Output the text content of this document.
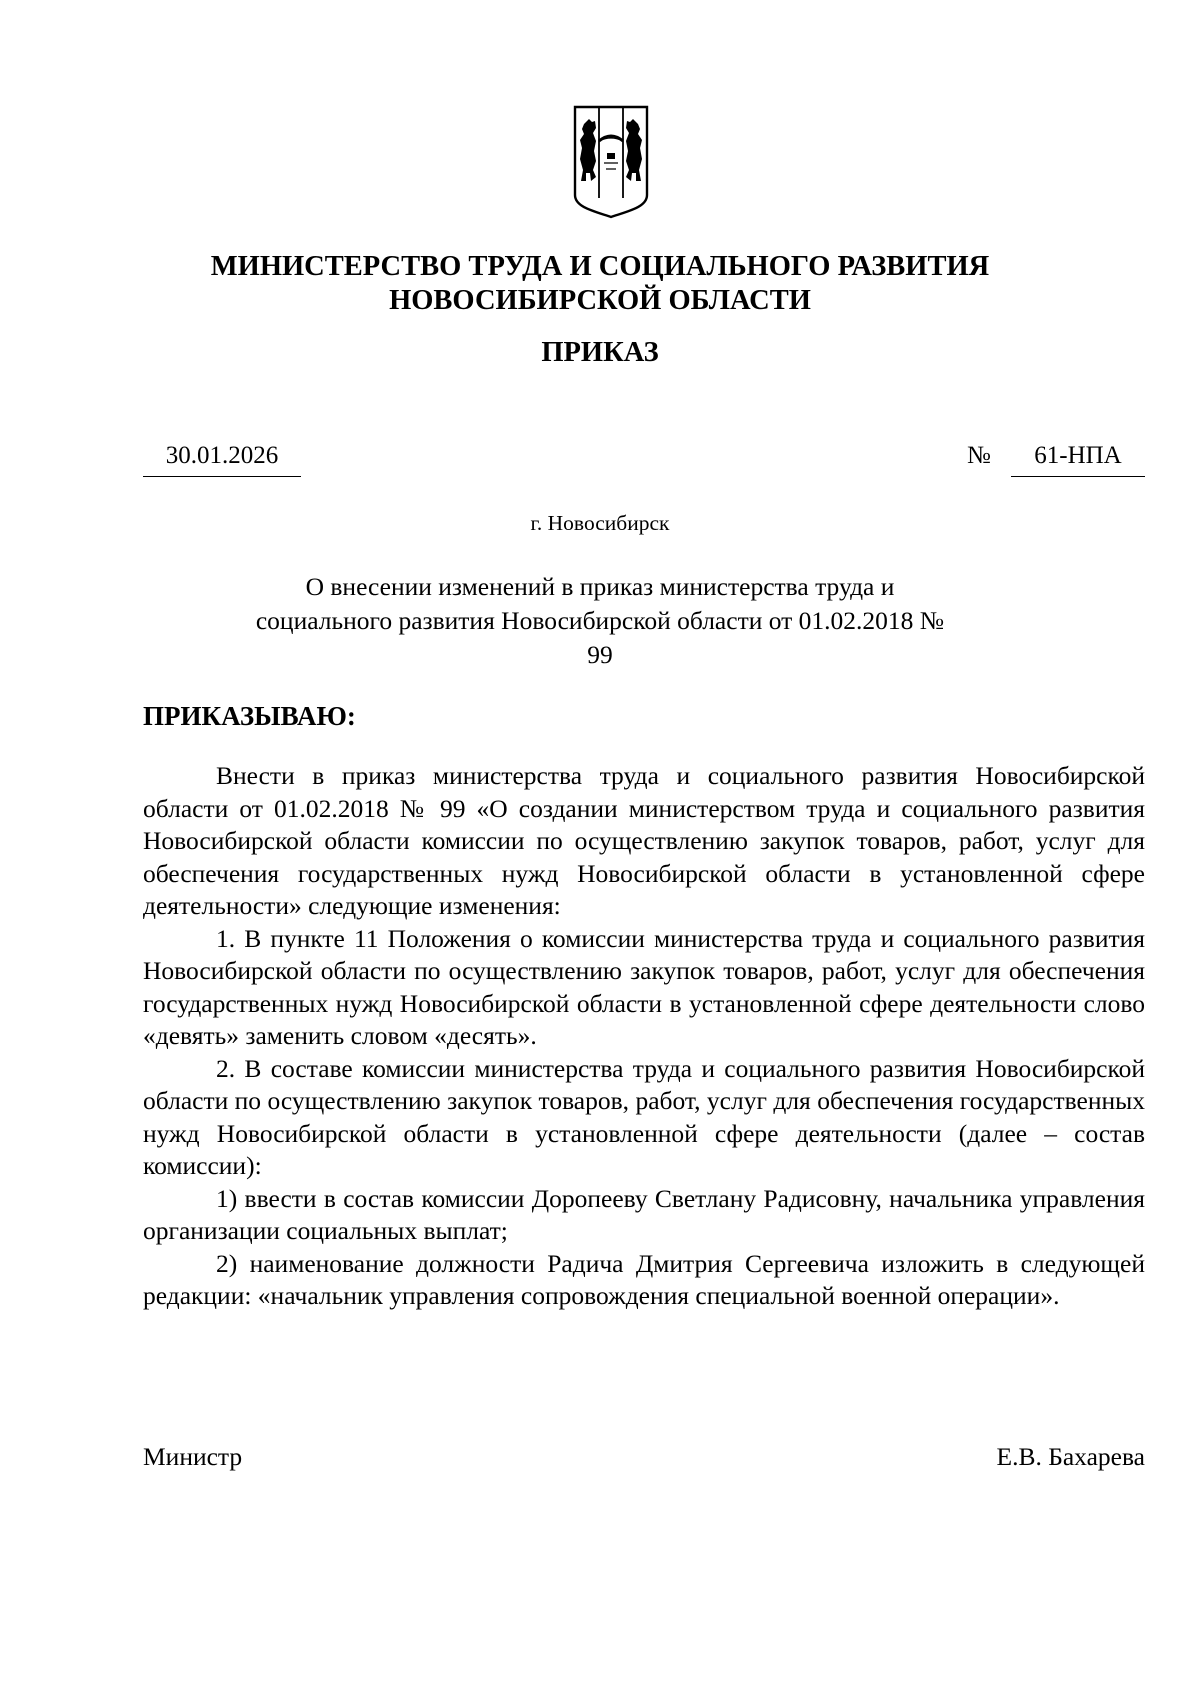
МИНИСТЕРСТВО ТРУДА И СОЦИАЛЬНОГО РАЗВИТИЯ
НОВОСИБИРСКОЙ ОБЛАСТИ
ПРИКАЗ
30.01.2026	№	61-НПА
г. Новосибирск
О внесении изменений в приказ министерства труда и социального развития Новосибирской области от 01.02.2018 № 99
ПРИКАЗЫВАЮ:

Внести в приказ министерства труда и социального развития Новосибирской области от 01.02.2018 № 99 «О создании министерством труда и социального развития Новосибирской области комиссии по осуществлению закупок товаров, работ, услуг для обеспечения государственных нужд Новосибирской области в установленной сфере деятельности» следующие изменения:

1. В пункте 11 Положения о комиссии министерства труда и социального развития Новосибирской области по осуществлению закупок товаров, работ, услуг для обеспечения государственных нужд Новосибирской области в установленной сфере деятельности слово «девять» заменить словом «десять».

2. В составе комиссии министерства труда и социального развития Новосибирской области по осуществлению закупок товаров, работ, услуг для обеспечения государственных нужд Новосибирской области в установленной сфере деятельности (далее – состав комиссии):

1) ввести в состав комиссии Доропееву Светлану Радисовну, начальника управления организации социальных выплат;

2) наименование должности Радича Дмитрия Сергеевича изложить в следующей редакции: «начальник управления сопровождения специальной военной операции».

Министр	Е.В. Бахарева
